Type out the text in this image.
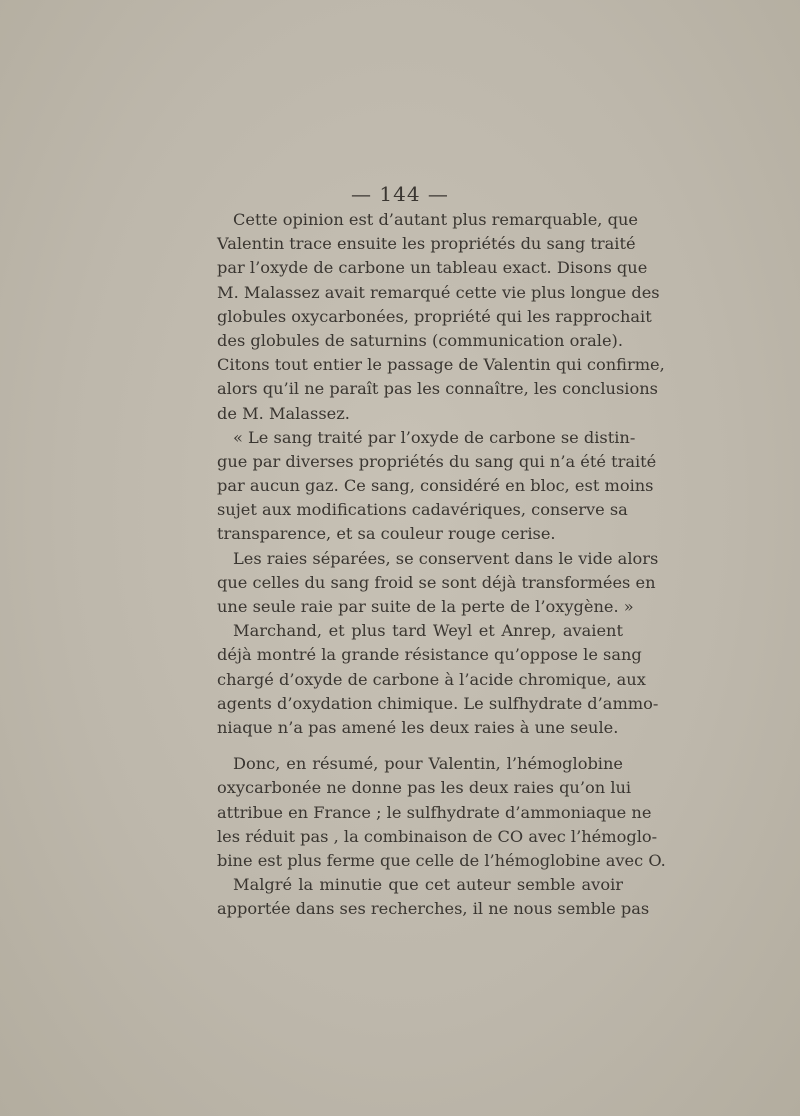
— 144 —
Cette opinion est d’autant plus remarquable, que
Valentin trace ensuite les propriétés du sang traité
par l’oxyde de carbone un tableau exact. Disons que
M. Malassez avait remarqué cette vie plus longue des
globules oxycarbonées, propriété qui les rapprochait
des globules de saturnins (communication orale).
Citons tout entier le passage de Valentin qui confirme,
alors qu’il ne paraît pas les connaître, les conclusions
de M. Malassez.
« Le sang traité par l’oxyde de carbone se distin-
gue par diverses propriétés du sang qui n’a été traité
par aucun gaz. Ce sang, considéré en bloc, est moins
sujet aux modifications cadavériques, conserve sa
transparence, et sa couleur rouge cerise.
Les raies séparées, se conservent dans le vide alors
que celles du sang froid se sont déjà transformées en
une seule raie par suite de la perte de l’oxygène. »
Marchand, et plus tard Weyl et Anrep, avaient
déjà montré la grande résistance qu’oppose le sang
chargé d’oxyde de carbone à l’acide chromique, aux
agents d’oxydation chimique. Le sulfhydrate d’ammo-
niaque n’a pas amené les deux raies à une seule.
Donc, en résumé, pour Valentin, l’hémoglobine
oxycarbonée ne donne pas les deux raies qu’on lui
attribue en France ; le sulfhydrate d’ammoniaque ne
les réduit pas , la combinaison de CO avec l’hémoglo-
bine est plus ferme que celle de l’hémoglobine avec O.
Malgré la minutie que cet auteur semble avoir
apportée dans ses recherches, il ne nous semble pas
